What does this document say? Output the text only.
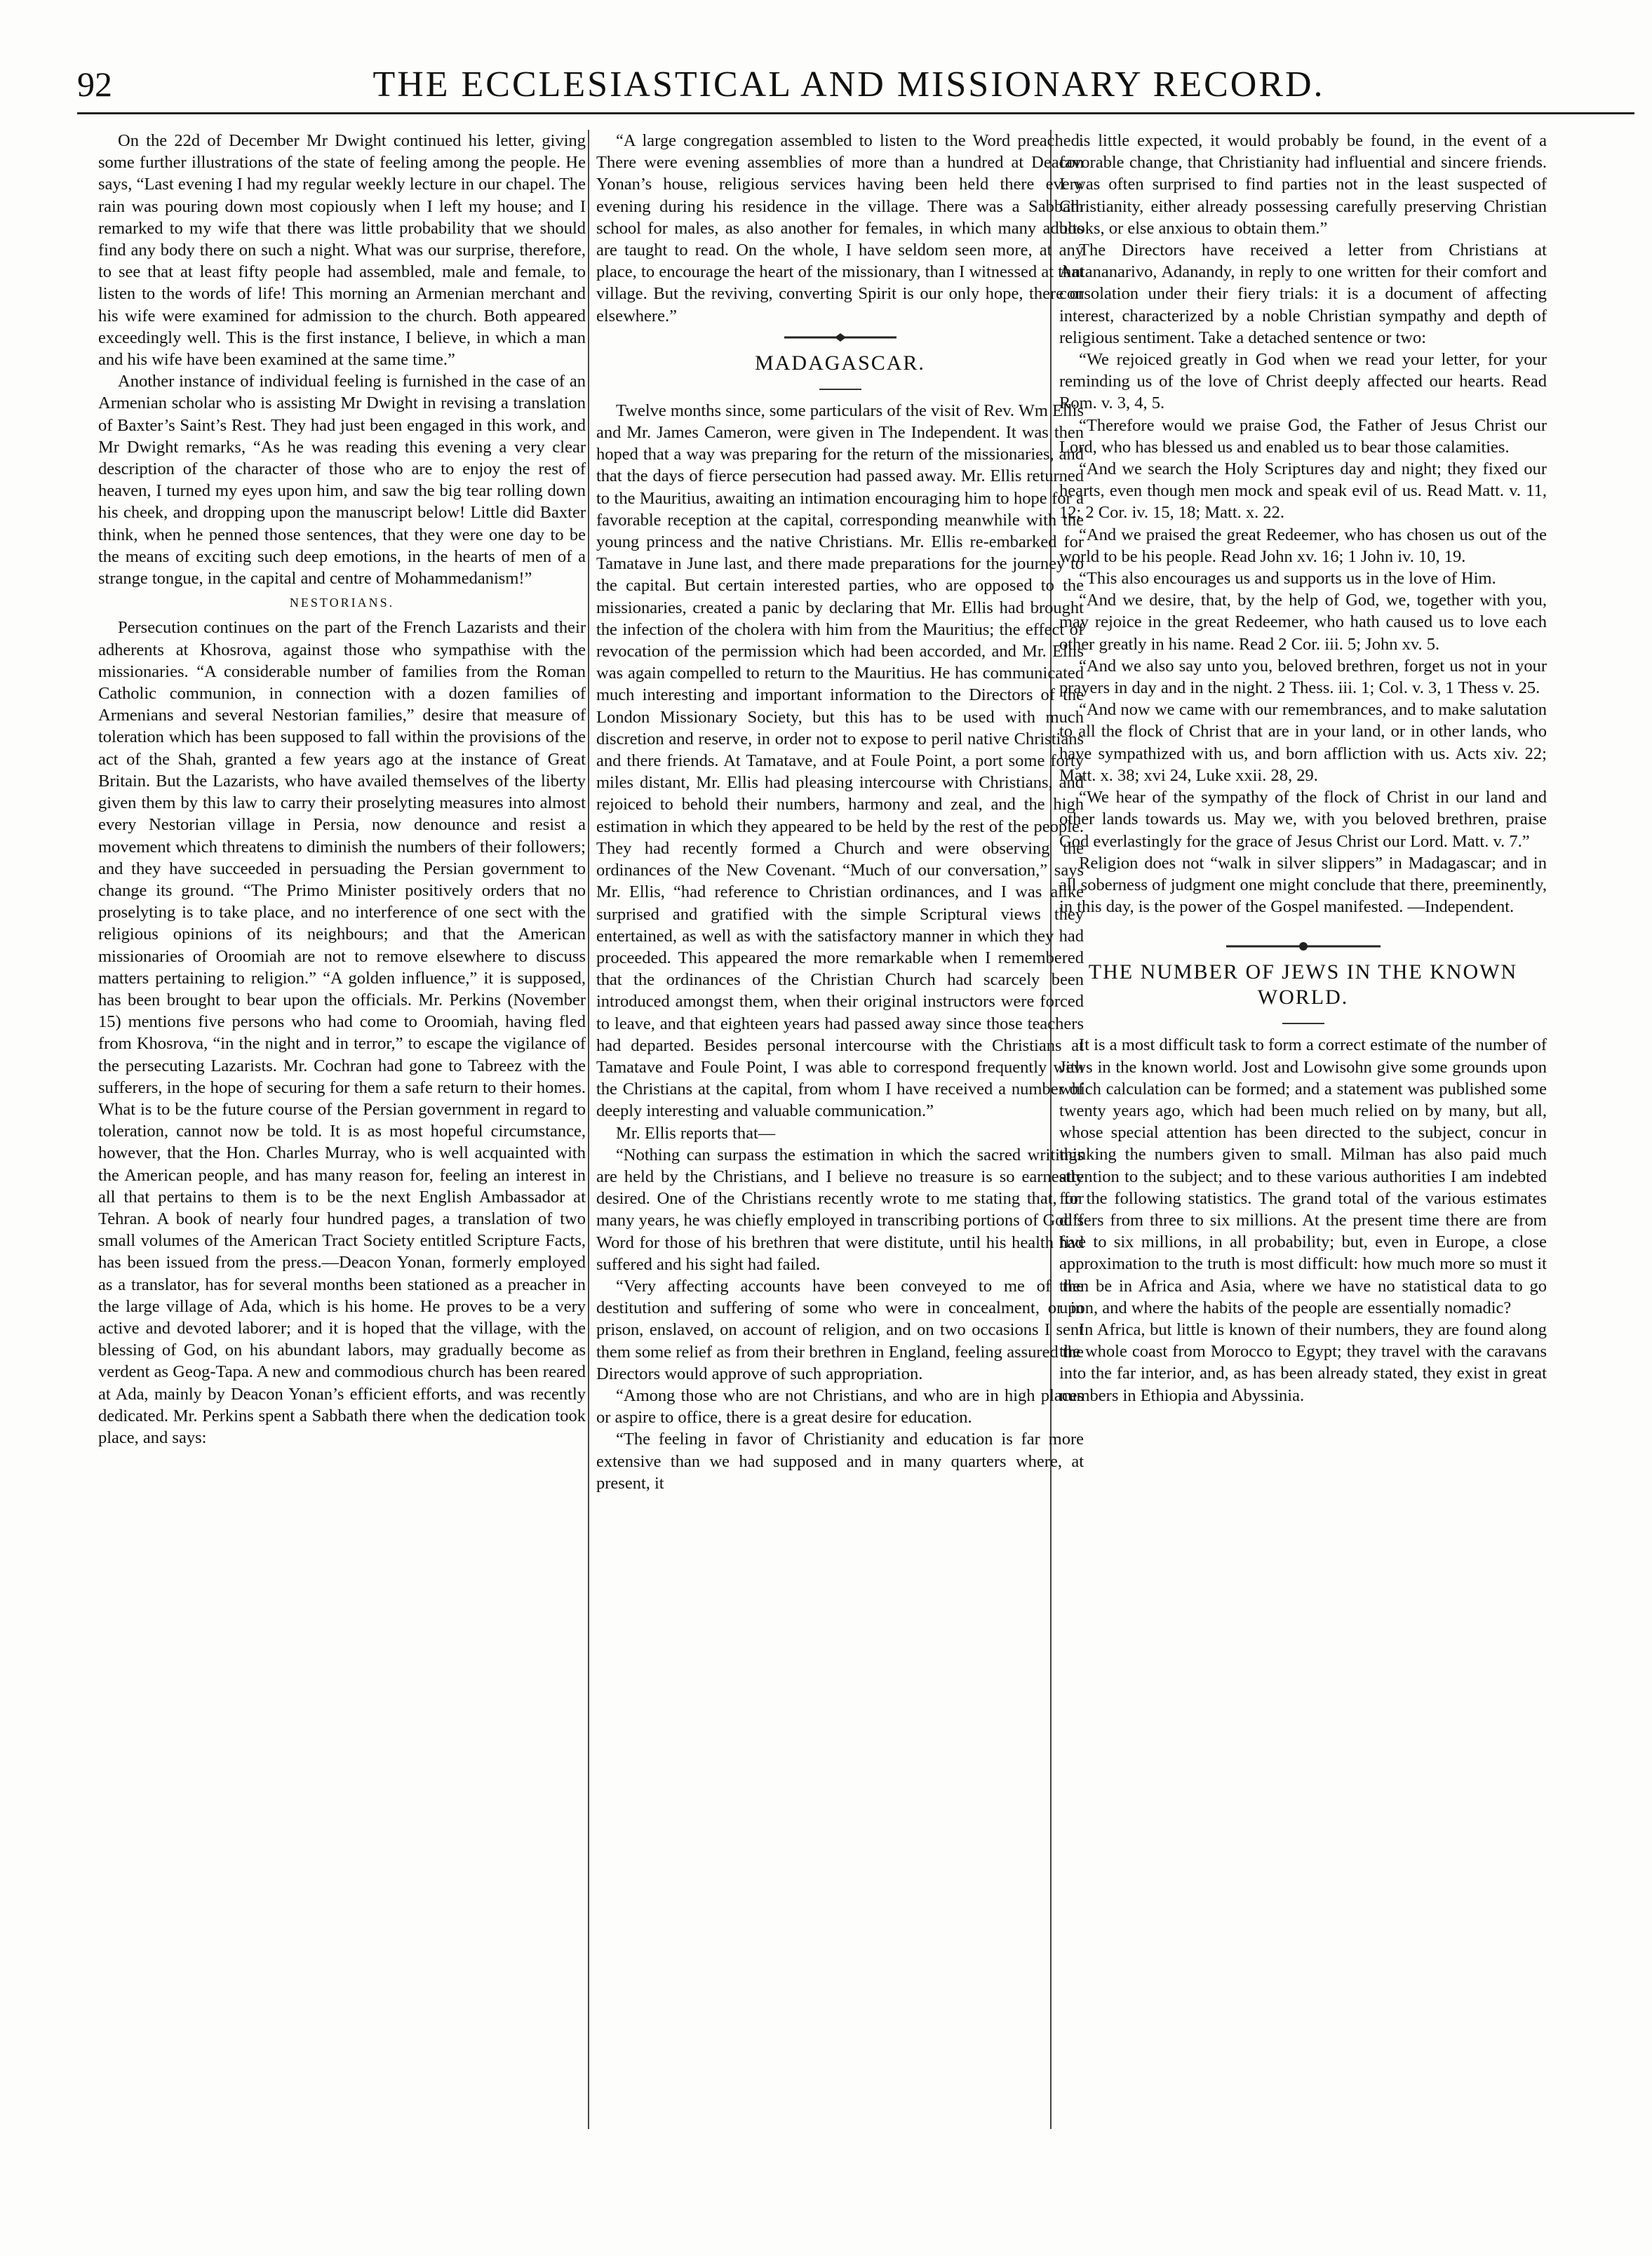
92	THE ECCLESIASTICAL AND MISSIONARY RECORD.

On the 22d of December Mr Dwight continued his letter, giving some further illustrations of the state of feeling among the people. He says, “Last evening I had my regular weekly lecture in our chapel. The rain was pouring down most copiously when I left my house; and I remarked to my wife that there was little probability that we should find any body there on such a night. What was our surprise, therefore, to see that at least fifty people had assembled, male and female, to listen to the words of life! This morning an Armenian merchant and his wife were examined for admission to the church. Both appeared exceedingly well. This is the first instance, I believe, in which a man and his wife have been examined at the same time.”

Another instance of individual feeling is furnished in the case of an Armenian scholar who is assisting Mr Dwight in revising a translation of Baxter’s Saint’s Rest. They had just been engaged in this work, and Mr Dwight remarks, “As he was reading this evening a very clear description of the character of those who are to enjoy the rest of heaven, I turned my eyes upon him, and saw the big tear rolling down his cheek, and dropping upon the manuscript below! Little did Baxter think, when he penned those sentences, that they were one day to be the means of exciting such deep emotions, in the hearts of men of a strange tongue, in the capital and centre of Mohammedanism!”

NESTORIANS.

Persecution continues on the part of the French Lazarists and their adherents at Khosrova, against those who sympathise with the missionaries. “A considerable number of families from the Roman Catholic communion, in connection with a dozen families of Armenians and several Nestorian families,” desire that measure of toleration which has been supposed to fall within the provisions of the act of the Shah, granted a few years ago at the instance of Great Britain. But the Lazarists, who have availed themselves of the liberty given them by this law to carry their proselyting measures into almost every Nestorian village in Persia, now denounce and resist a movement which threatens to diminish the numbers of their followers; and they have succeeded in persuading the Persian government to change its ground. “The Primo Minister positively orders that no proselyting is to take place, and no interference of one sect with the religious opinions of its neighbours; and that the American missionaries of Oroomiah are not to remove elsewhere to discuss matters pertaining to religion.” “A golden influence,” it is supposed, has been brought to bear upon the officials. Mr. Perkins (November 15) mentions five persons who had come to Oroomiah, having fled from Khosrova, “in the night and in terror,” to escape the vigilance of the persecuting Lazarists. Mr. Cochran had gone to Tabreez with the sufferers, in the hope of securing for them a safe return to their homes. What is to be the future course of the Persian government in regard to toleration, cannot now be told. It is as most hopeful circumstance, however, that the Hon. Charles Murray, who is well acquainted with the American people, and has many reason for, feeling an interest in all that pertains to them is to be the next English Ambassador at Tehran. A book of nearly four hundred pages, a translation of two small volumes of the American Tract Society entitled Scripture Facts, has been issued from the press.—Deacon Yonan, formerly employed as a translator, has for several months been stationed as a preacher in the large village of Ada, which is his home. He proves to be a very active and devoted laborer; and it is hoped that the village, with the blessing of God, on his abundant labors, may gradually become as verdent as Geog-Tapa. A new and commodious church has been reared at Ada, mainly by Deacon Yonan’s efficient efforts, and was recently dedicated. Mr. Perkins spent a Sabbath there when the dedication took place, and says:

“A large congregation assembled to listen to the Word preached. There were evening assemblies of more than a hundred at Deacon Yonan’s house, religious services having been held there every evening during his residence in the village. There was a Sabbath school for males, as also another for females, in which many adults are taught to read. On the whole, I have seldom seen more, at any place, to encourage the heart of the missionary, than I witnessed at that village. But the reviving, converting Spirit is our only hope, there or elsewhere.”

MADAGASCAR.

Twelve months since, some particulars of the visit of Rev. Wm Ellis and Mr. James Cameron, were given in The Independent. It was then hoped that a way was preparing for the return of the missionaries, and that the days of fierce persecution had passed away. Mr. Ellis returned to the Mauritius, awaiting an intimation encouraging him to hope for a favorable reception at the capital, corresponding meanwhile with the young princess and the native Christians. Mr. Ellis re-embarked for Tamatave in June last, and there made preparations for the journey to the capital. But certain interested parties, who are opposed to the missionaries, created a panic by declaring that Mr. Ellis had brought the infection of the cholera with him from the Mauritius; the effect of revocation of the permission which had been accorded, and Mr. Ellis was again compelled to return to the Mauritius. He has communicated much interesting and important information to the Directors of the London Missionary Society, but this has to be used with much discretion and reserve, in order not to expose to peril native Christians and there friends. At Tamatave, and at Foule Point, a port some forty miles distant, Mr. Ellis had pleasing intercourse with Christians, and rejoiced to behold their numbers, harmony and zeal, and the high estimation in which they appeared to be held by the rest of the people. They had recently formed a Church and were observing the ordinances of the New Covenant. “Much of our conversation,” says Mr. Ellis, “had reference to Christian ordinances, and I was alike surprised and gratified with the simple Scriptural views they entertained, as well as with the satisfactory manner in which they had proceeded. This appeared the more remarkable when I remembered that the ordinances of the Christian Church had scarcely been introduced amongst them, when their original instructors were forced to leave, and that eighteen years had passed away since those teachers had departed. Besides personal intercourse with the Christians at Tamatave and Foule Point, I was able to correspond frequently with the Christians at the capital, from whom I have received a number of deeply interesting and valuable communication.”

Mr. Ellis reports that—

“Nothing can surpass the estimation in which the sacred writings are held by the Christians, and I believe no treasure is so earnestly desired. One of the Christians recently wrote to me stating that, for many years, he was chiefly employed in transcribing portions of God’s Word for those of his brethren that were distitute, until his health had suffered and his sight had failed.

“Very affecting accounts have been conveyed to me of the destitution and suffering of some who were in concealment, or in prison, enslaved, on account of religion, and on two occasions I sent them some relief as from their brethren in England, feeling assured the Directors would approve of such appropriation.

“Among those who are not Christians, and who are in high places or aspire to office, there is a great desire for education.

“The feeling in favor of Christianity and education is far more extensive than we had supposed and in many quarters where, at present, it

is little expected, it would probably be found, in the event of a favorable change, that Christianity had influential and sincere friends. I was often surprised to find parties not in the least suspected of Christianity, either already possessing carefully preserving Christian books, or else anxious to obtain them.”

The Directors have received a letter from Christians at Antananarivo, Adanandy, in reply to one written for their comfort and consolation under their fiery trials: it is a document of affecting interest, characterized by a noble Christian sympathy and depth of religious sentiment. Take a detached sentence or two:

“We rejoiced greatly in God when we read your letter, for your reminding us of the love of Christ deeply affected our hearts. Read Rom. v. 3, 4, 5.

“Therefore would we praise God, the Father of Jesus Christ our Lord, who has blessed us and enabled us to bear those calamities.

“And we search the Holy Scriptures day and night; they fixed our hearts, even though men mock and speak evil of us. Read Matt. v. 11, 12; 2 Cor. iv. 15, 18; Matt. x. 22.

“And we praised the great Redeemer, who has chosen us out of the world to be his people. Read John xv. 16; 1 John iv. 10, 19.

“This also encourages us and supports us in the love of Him.

“And we desire, that, by the help of God, we, together with you, may rejoice in the great Redeemer, who hath caused us to love each other greatly in his name. Read 2 Cor. iii. 5; John xv. 5.

“And we also say unto you, beloved brethren, forget us not in your prayers in day and in the night. 2 Thess. iii. 1; Col. v. 3, 1 Thess v. 25.

“And now we came with our remembrances, and to make salutation to all the flock of Christ that are in your land, or in other lands, who have sympathized with us, and born affliction with us. Acts xiv. 22; Matt. x. 38; xvi 24, Luke xxii. 28, 29.

“We hear of the sympathy of the flock of Christ in our land and other lands towards us. May we, with you beloved brethren, praise God everlastingly for the grace of Jesus Christ our Lord. Matt. v. 7.”

Religion does not “walk in silver slippers” in Madagascar; and in all soberness of judgment one might conclude that there, preeminently, in this day, is the power of the Gospel manifested. —Independent.

THE NUMBER OF JEWS IN THE KNOWN WORLD.

It is a most difficult task to form a correct estimate of the number of Jews in the known world. Jost and Lowisohn give some grounds upon which calculation can be formed; and a statement was published some twenty years ago, which had been much relied on by many, but all, whose special attention has been directed to the subject, concur in thinking the numbers given to small. Milman has also paid much attention to the subject; and to these various authorities I am indebted for the following statistics. The grand total of the various estimates differs from three to six millions. At the present time there are from five to six millions, in all probability; but, even in Europe, a close approximation to the truth is most difficult: how much more so must it then be in Africa and Asia, where we have no statistical data to go upon, and where the habits of the people are essentially nomadic?

In Africa, but little is known of their numbers, they are found along the whole coast from Morocco to Egypt; they travel with the caravans into the far interior, and, as has been already stated, they exist in great numbers in Ethiopia and Abyssinia.
